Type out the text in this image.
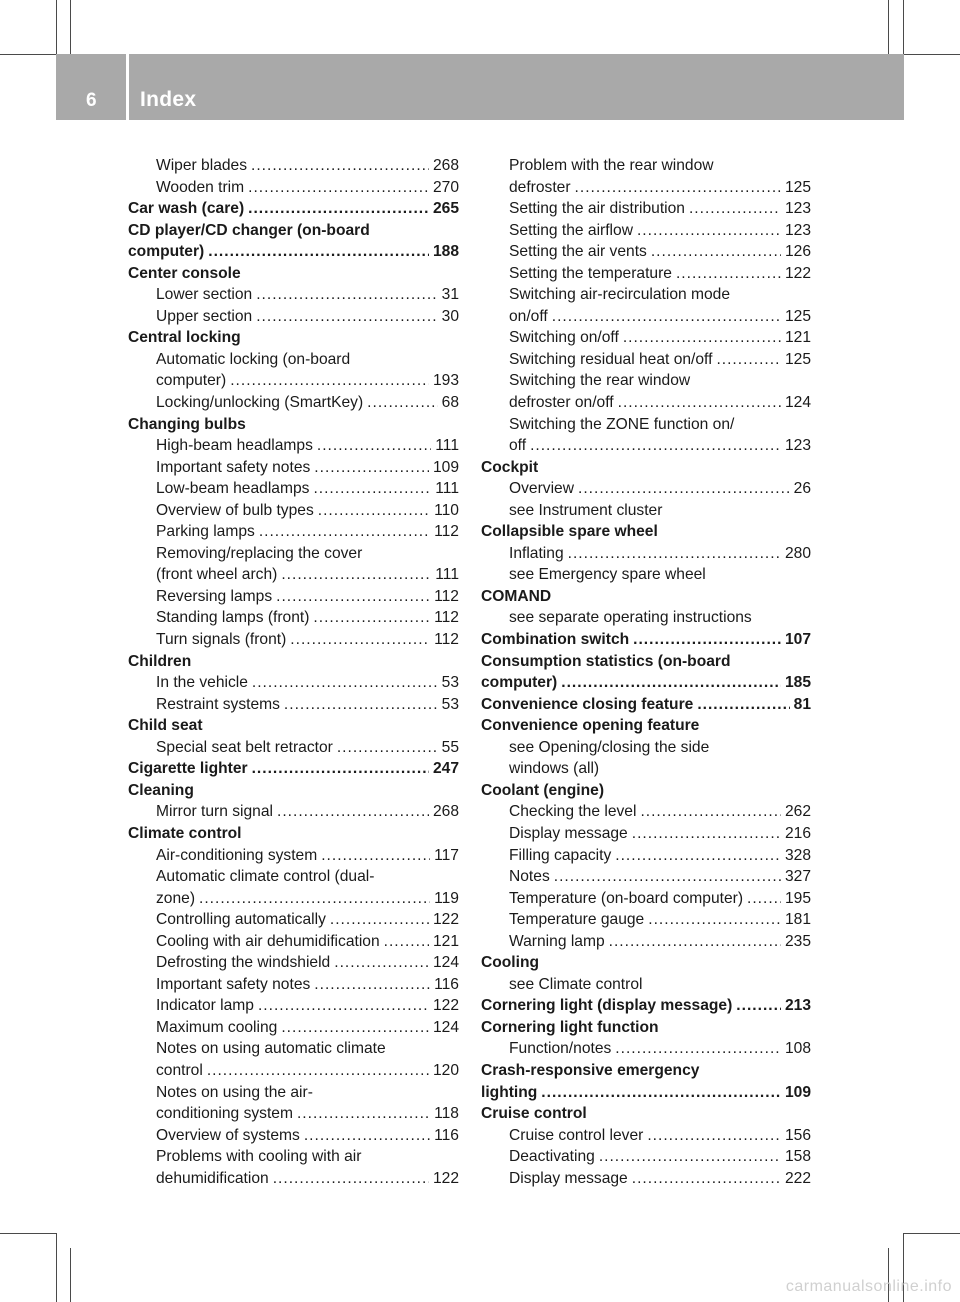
6 Index
Wiper blades .....	268
Wooden trim .....	270
Car wash (care) .....	265
CD player/CD changer (on-board
computer) .....	188
Center console
Lower section .....	31
Upper section .....	30
Central locking
Automatic locking (on-board
computer) .....	193
Locking/unlocking (SmartKey) .....	68
Changing bulbs
High-beam headlamps .....	111
Important safety notes .....	109
Low-beam headlamps .....	111
Overview of bulb types .....	110
Parking lamps .....	112
Removing/replacing the cover
(front wheel arch) .....	111
Reversing lamps .....	112
Standing lamps (front) .....	112
Turn signals (front) .....	112
Children
In the vehicle .....	53
Restraint systems .....	53
Child seat
Special seat belt retractor .....	55
Cigarette lighter .....	247
Cleaning
Mirror turn signal .....	268
Climate control
Air-conditioning system .....	117
Automatic climate control (dual-
zone) .....	119
Controlling automatically .....	122
Cooling with air dehumidification .....	121
Defrosting the windshield .....	124
Important safety notes .....	116
Indicator lamp .....	122
Maximum cooling .....	124
Notes on using automatic climate
control .....	120
Notes on using the air-
conditioning system .....	118
Overview of systems .....	116
Problems with cooling with air
dehumidification .....	122
Problem with the rear window
defroster .....	125
Setting the air distribution .....	123
Setting the airflow .....	123
Setting the air vents .....	126
Setting the temperature .....	122
Switching air-recirculation mode
on/off .....	125
Switching on/off .....	121
Switching residual heat on/off .....	125
Switching the rear window
defroster on/off .....	124
Switching the ZONE function on/
off .....	123
Cockpit
Overview .....	26
see Instrument cluster
Collapsible spare wheel
Inflating .....	280
see Emergency spare wheel
COMAND
see separate operating instructions
Combination switch .....	107
Consumption statistics (on-board
computer) .....	185
Convenience closing feature .....	81
Convenience opening feature
see Opening/closing the side
windows (all)
Coolant (engine)
Checking the level .....	262
Display message .....	216
Filling capacity .....	328
Notes .....	327
Temperature (on-board computer) .....	195
Temperature gauge .....	181
Warning lamp .....	235
Cooling
see Climate control
Cornering light (display message) .....	213
Cornering light function
Function/notes .....	108
Crash-responsive emergency
lighting .....	109
Cruise control
Cruise control lever .....	156
Deactivating .....	158
Display message .....	222
carmanualsonline.info
